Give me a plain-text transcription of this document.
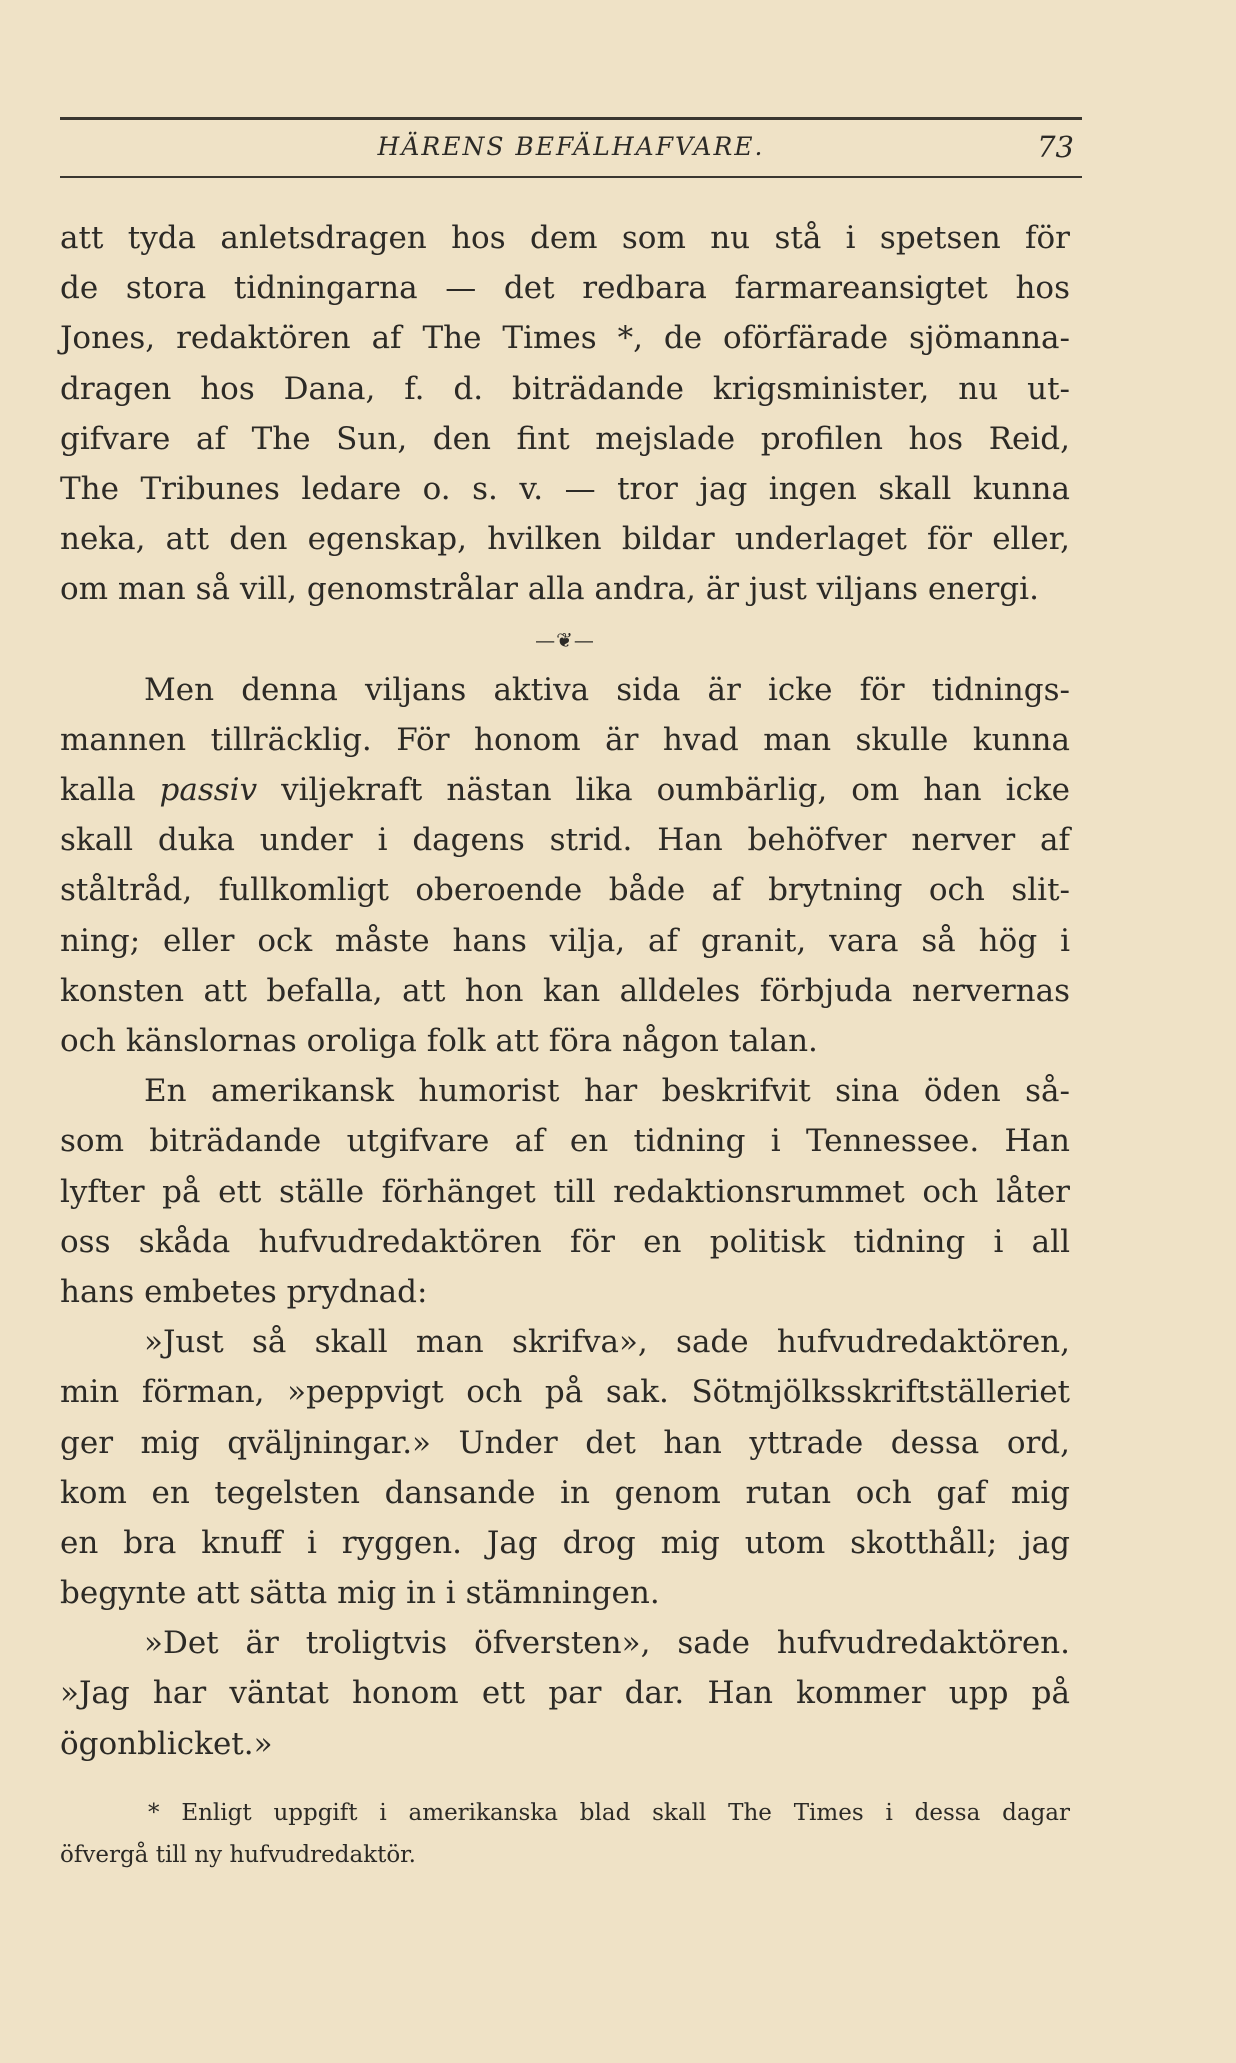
HÄRENS BEFÄLHAFVARE.	73
att tyda anletsdragen hos dem som nu stå i spetsen för
de stora tidningarna — det redbara farmareansigtet hos
Jones, redaktören af The Times *, de oförfärade sjömanna-
dragen hos Dana, f. d. biträdande krigsminister, nu ut-
gifvare af The Sun, den fint mejslade profilen hos Reid,
The Tribunes ledare o. s. v. — tror jag ingen skall kunna
neka, att den egenskap, hvilken bildar underlaget för eller,
om man så vill, genomstrålar alla andra, är just viljans energi.
—❦—
Men denna viljans aktiva sida är icke för tidnings-
mannen tillräcklig. För honom är hvad man skulle kunna
kalla passiv viljekraft nästan lika oumbärlig, om han icke
skall duka under i dagens strid. Han behöfver nerver af
ståltråd, fullkomligt oberoende både af brytning och slit-
ning; eller ock måste hans vilja, af granit, vara så hög i
konsten att befalla, att hon kan alldeles förbjuda nervernas
och känslornas oroliga folk att föra någon talan.
En amerikansk humorist har beskrifvit sina öden så-
som biträdande utgifvare af en tidning i Tennessee. Han
lyfter på ett ställe förhänget till redaktionsrummet och låter
oss skåda hufvudredaktören för en politisk tidning i all
hans embetes prydnad:
»Just så skall man skrifva», sade hufvudredaktören,
min förman, »peppvigt och på sak. Sötmjölksskriftställeriet
ger mig qväljningar.» Under det han yttrade dessa ord,
kom en tegelsten dansande in genom rutan och gaf mig
en bra knuff i ryggen. Jag drog mig utom skotthåll; jag
begynte att sätta mig in i stämningen.
»Det är troligtvis öfversten», sade hufvudredaktören.
»Jag har väntat honom ett par dar. Han kommer upp på
ögonblicket.»
* Enligt uppgift i amerikanska blad skall The Times i dessa dagar
öfvergå till ny hufvudredaktör.
